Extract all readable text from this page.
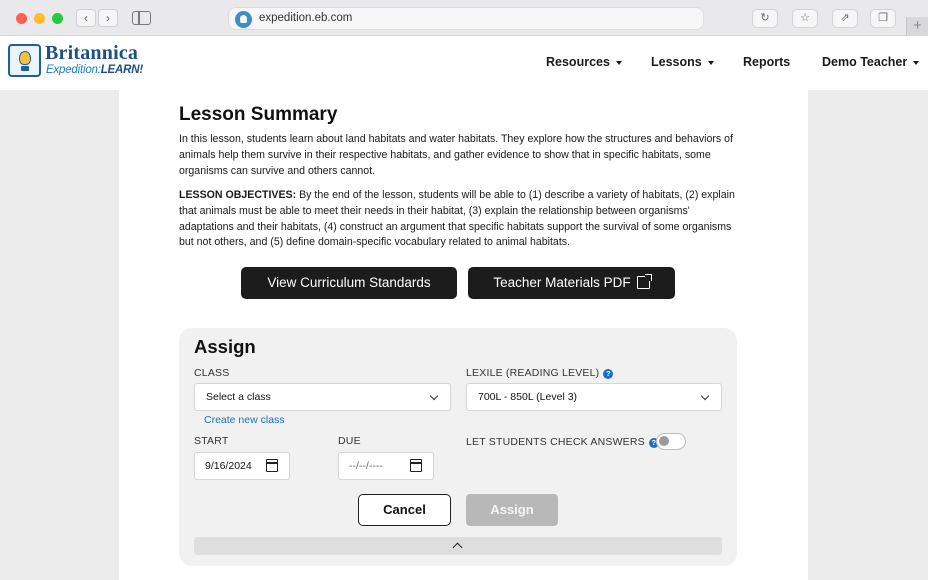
‹	›	expedition.eb.com	↻	☆	⇗	❐	+
Britannica
Expedition:LEARN!
Resources	Lessons	Reports	Demo Teacher
Lesson Summary

In this lesson, students learn about land habitats and water habitats. They explore how the structures and behaviors of animals help them survive in their respective habitats, and gather evidence to show that in specific habitats, some organisms can survive and others cannot.

LESSON OBJECTIVES: By the end of the lesson, students will be able to (1) describe a variety of habitats, (2) explain that animals must be able to meet their needs in their habitat, (3) explain the relationship between organisms' adaptations and their habitats, (4) construct an argument that specific habitats support the survival of some organisms but not others, and (5) define domain-specific vocabulary related to animal habitats.

View Curriculum Standards	Teacher Materials PDF
Assign
CLASS	LEXILE (READING LEVEL) ?
Select a class	700L - 850L (Level 3)
Create new class
START	DUE	LET STUDENTS CHECK ANSWERS ?
9/16/2024	--/--/----
Cancel	Assign
